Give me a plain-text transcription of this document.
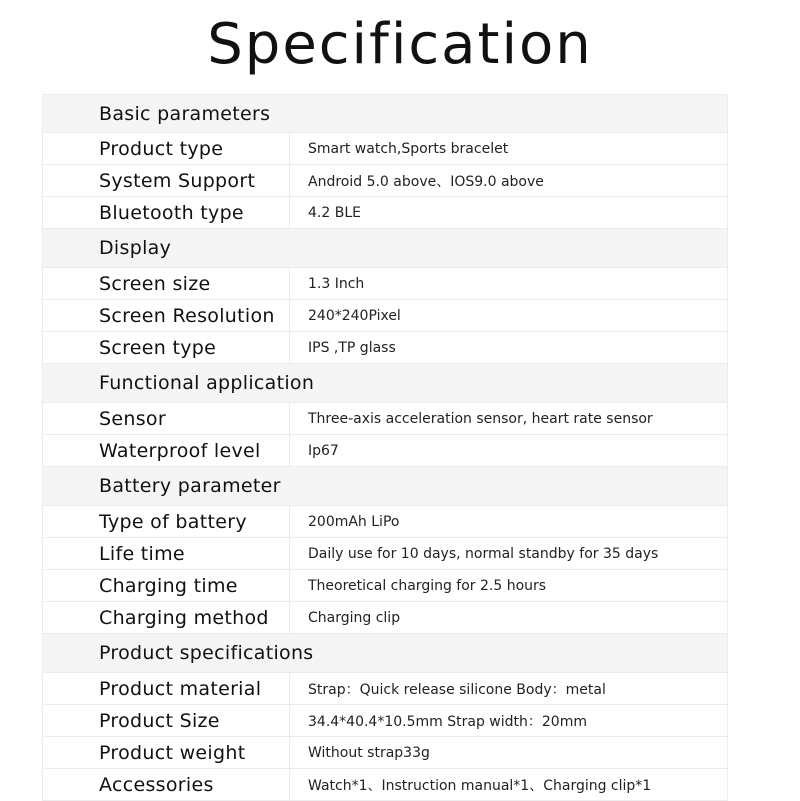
Specification
Basic parameters
Product type	Smart watch,Sports bracelet
System Support	Android 5.0 above、IOS9.0 above
Bluetooth type	4.2 BLE
Display
Screen size	1.3 Inch
Screen Resolution	240*240Pixel
Screen type	IPS ,TP glass
Functional application
Sensor	Three-axis acceleration sensor, heart rate sensor
Waterproof level	Ip67
Battery parameter
Type of battery	200mAh LiPo
Life time	Daily use for 10 days, normal standby for 35 days
Charging time	Theoretical charging for 2.5 hours
Charging method	Charging clip
Product specifications
Product material	Strap：Quick release silicone Body：metal
Product Size	34.4*40.4*10.5mm Strap width：20mm
Product weight	Without strap33g
Accessories	Watch*1、Instruction manual*1、Charging clip*1
